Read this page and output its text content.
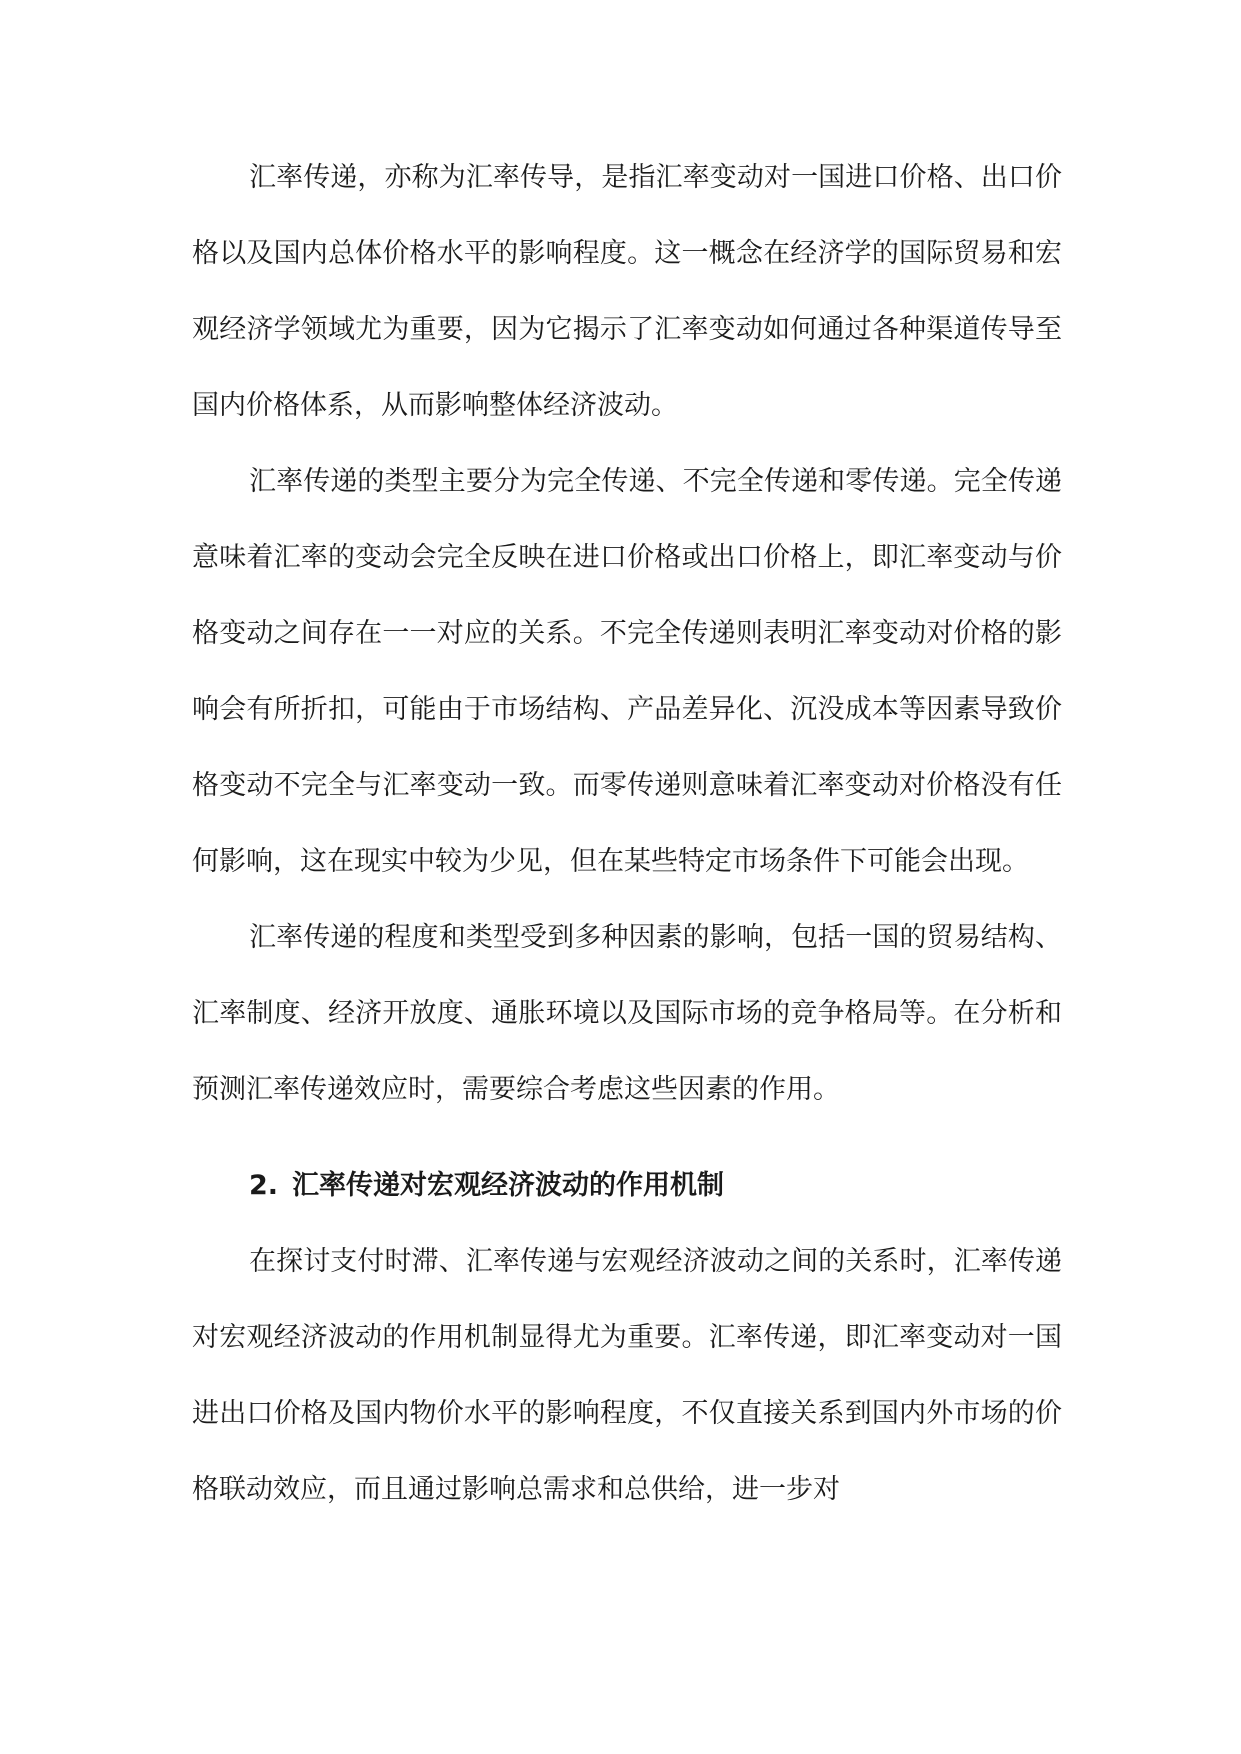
汇率传递，亦称为汇率传导，是指汇率变动对一国进口价格、出口价格以及国内总体价格水平的影响程度。这一概念在经济学的国际贸易和宏观经济学领域尤为重要，因为它揭示了汇率变动如何通过各种渠道传导至国内价格体系，从而影响整体经济波动。

汇率传递的类型主要分为完全传递、不完全传递和零传递。完全传递意味着汇率的变动会完全反映在进口价格或出口价格上，即汇率变动与价格变动之间存在一一对应的关系。不完全传递则表明汇率变动对价格的影响会有所折扣，可能由于市场结构、产品差异化、沉没成本等因素导致价格变动不完全与汇率变动一致。而零传递则意味着汇率变动对价格没有任何影响，这在现实中较为少见，但在某些特定市场条件下可能会出现。

汇率传递的程度和类型受到多种因素的影响，包括一国的贸易结构、汇率制度、经济开放度、通胀环境以及国际市场的竞争格局等。在分析和预测汇率传递效应时，需要综合考虑这些因素的作用。

2. 汇率传递对宏观经济波动的作用机制

在探讨支付时滞、汇率传递与宏观经济波动之间的关系时，汇率传递对宏观经济波动的作用机制显得尤为重要。汇率传递，即汇率变动对一国进出口价格及国内物价水平的影响程度，不仅直接关系到国内外市场的价格联动效应，而且通过影响总需求和总供给，进一步对
